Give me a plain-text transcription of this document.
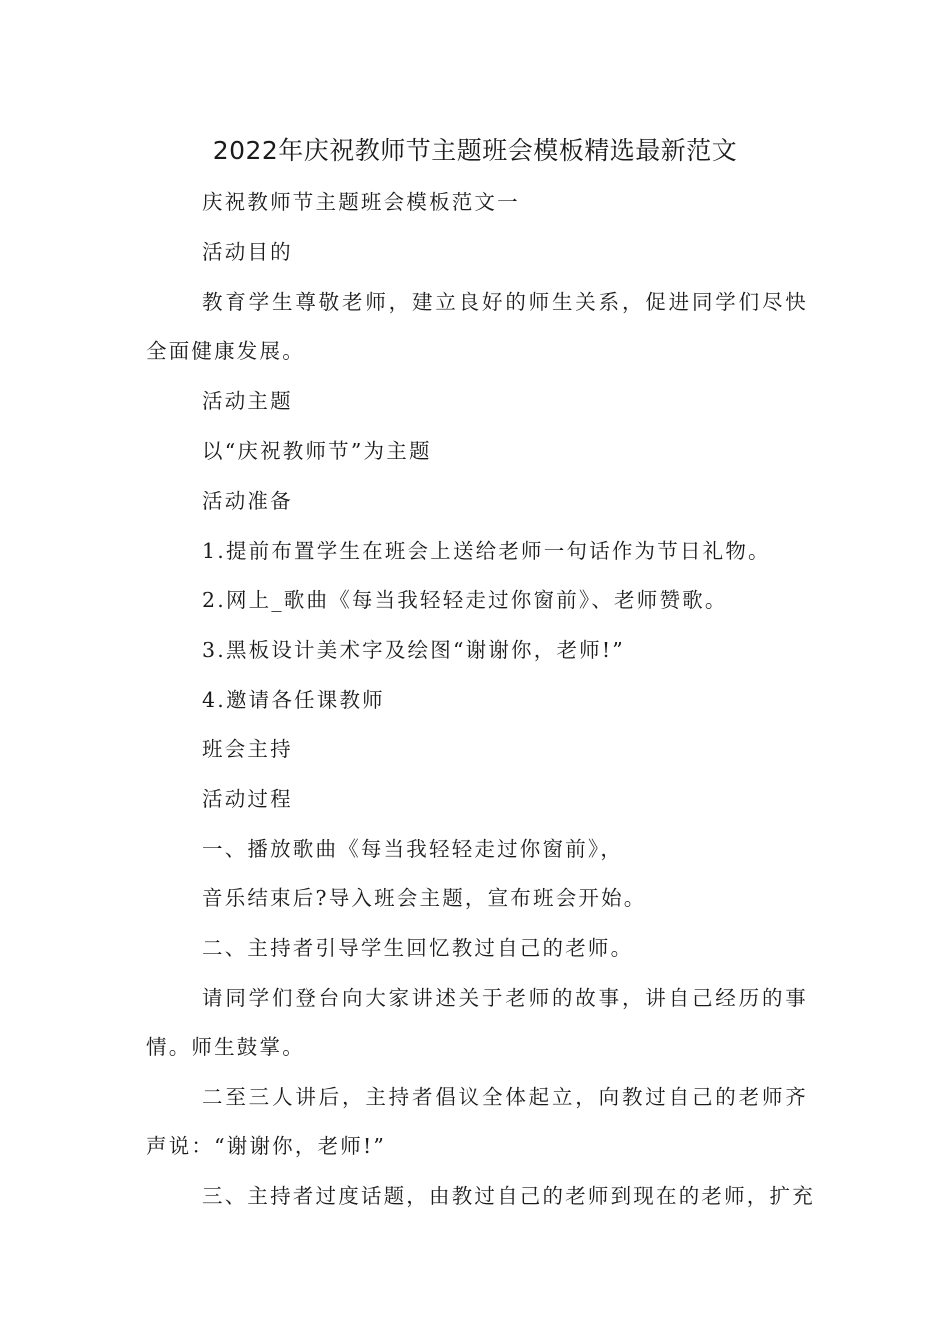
2022年庆祝教师节主题班会模板精选最新范文

庆祝教师节主题班会模板范文一

活动目的

教育学生尊敬老师，建立良好的师生关系，促进同学们尽快全面健康发展。

活动主题

以“庆祝教师节”为主题

活动准备

1.提前布置学生在班会上送给老师一句话作为节日礼物。

2.网上_歌曲《每当我轻轻走过你窗前》、老师赞歌。

3.黑板设计美术字及绘图“谢谢你，老师!”

4.邀请各任课教师

班会主持

活动过程

一、播放歌曲《每当我轻轻走过你窗前》，

音乐结束后?导入班会主题，宣布班会开始。

二、主持者引导学生回忆教过自己的老师。

请同学们登台向大家讲述关于老师的故事，讲自己经历的事情。师生鼓掌。

二至三人讲后，主持者倡议全体起立，向教过自己的老师齐声说：“谢谢你，老师!”

三、主持者过度话题，由教过自己的老师到现在的老师，扩充
